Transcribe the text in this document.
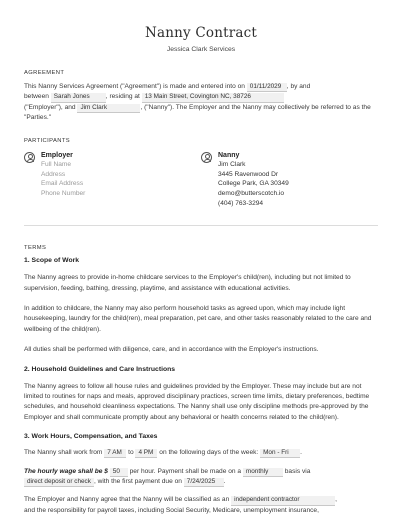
Nanny Contract
Jessica Clark Services
AGREEMENT

This Nanny Services Agreement ("Agreement") is made and entered into on 01/11/2029 , by and
between Sarah Jones , residing at 13 Main Street, Covington NC, 38726
("Employer"), and Jim Clark	, ("Nanny"). The Employer and the Nanny may collectively be referred to as the "Parties."

PARTICIPANTS
Employer
Full Name
Address
Email Address
Phone Number
Nanny
Jim Clark
3445 Ravenwood Dr
College Park, GA 30349
demo@butterscotch.io
(404) 763-3294
TERMS
1. Scope of Work

The Nanny agrees to provide in-home childcare services to the Employer's child(ren), including but not limited to supervision, feeding, bathing, dressing, playtime, and assistance with educational activities.

In addition to childcare, the Nanny may also perform household tasks as agreed upon, which may include light housekeeping, laundry for the child(ren), meal preparation, pet care, and other tasks reasonably related to the care and wellbeing of the child(ren).

All duties shall be performed with diligence, care, and in accordance with the Employer's instructions.

2. Household Guidelines and Care Instructions

The Nanny agrees to follow all house rules and guidelines provided by the Employer. These may include but are not limited to routines for naps and meals, approved disciplinary practices, screen time limits, dietary preferences, bedtime schedules, and household cleanliness expectations. The Nanny shall use only discipline methods pre-approved by the Employer and shall communicate promptly about any behavioral or health concerns related to the child(ren).

3. Work Hours, Compensation, and Taxes

The Nanny shall work from 7 AM to 4 PM on the following days of the week: Mon - Fri .

The hourly wage shall be $ 50 per hour. Payment shall be made on a monthly basis via
direct deposit or check , with the first payment due on 7/24/2025 .

The Employer and Nanny agree that the Nanny will be classified as an independent contractor	,
and the responsibility for payroll taxes, including Social Security, Medicare, unemployment insurance,
